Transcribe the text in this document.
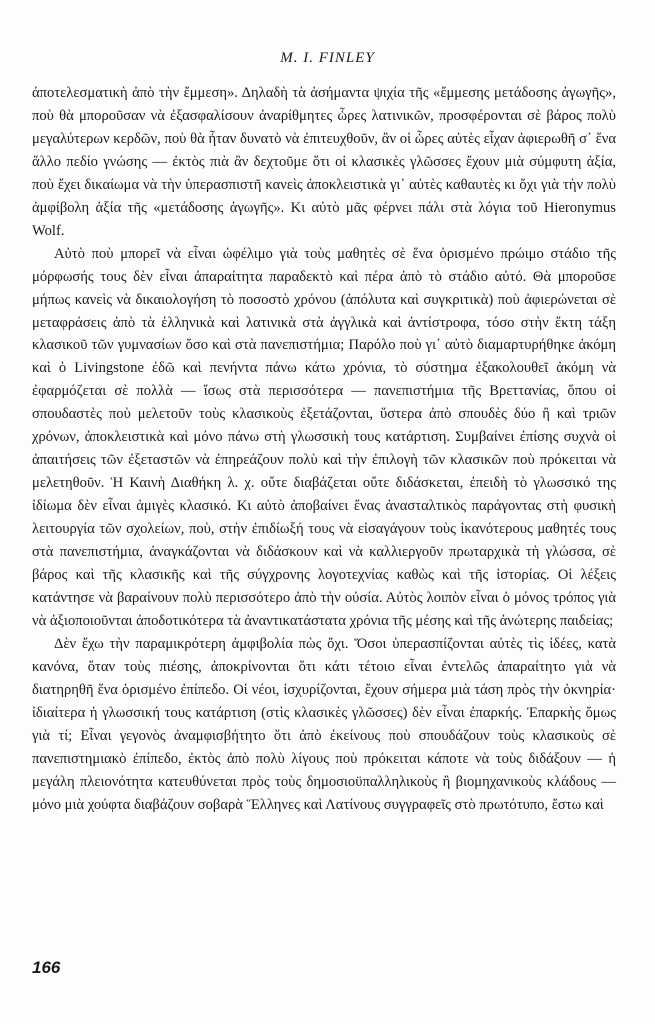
M. I. FINLEY

ἀποτελεσματικὴ ἀπὸ τὴν ἔμμεση». Δηλαδὴ τὰ ἀσήμαντα ψιχία τῆς «ἔμμεσης μετάδοσης ἀγωγῆς», ποὺ θὰ μποροῦσαν νὰ ἐξασφαλίσουν ἀναρίθμητες ὧρες λατινικῶν, προσφέρονται σὲ βάρος πολὺ μεγαλύτερων κερδῶν, ποὺ θὰ ἦταν δυνατὸ νὰ ἐπιτευχθοῦν, ἂν οἱ ὧρες αὐτὲς εἶχαν ἀφιερωθῆ σ᾽ ἕνα ἄλλο πεδίο γνώσης — ἐκτὸς πιὰ ἂν δεχτοῦμε ὅτι οἱ κλασικὲς γλῶσσες ἔχουν μιὰ σύμφυτη ἀξία, ποὺ ἔχει δικαίωμα νὰ τὴν ὑπερασπιστῆ κανεὶς ἀποκλειστικὰ γι᾽ αὐτὲς καθαυτὲς κι ὄχι γιὰ τὴν πολὺ ἀμφίβολη ἀξία τῆς «μετάδοσης ἀγωγῆς». Κι αὐτὸ μᾶς φέρνει πάλι στὰ λόγια τοῦ Hieronymus Wolf.

Αὐτὸ ποὺ μπορεῖ νὰ εἶναι ὠφέλιμο γιὰ τοὺς μαθητὲς σὲ ἕνα ὁρισμένο πρώιμο στάδιο τῆς μόρφωσής τους δὲν εἶναι ἀπαραίτητα παραδεκτὸ καὶ πέρα ἀπὸ τὸ στάδιο αὐτό. Θὰ μποροῦσε μήπως κανεὶς νὰ δικαιολογήση τὸ ποσοστὸ χρόνου (ἀπόλυτα καὶ συγκριτικὰ) ποὺ ἀφιερώνεται σὲ μεταφράσεις ἀπὸ τὰ ἑλληνικὰ καὶ λατινικὰ στὰ ἀγγλικὰ καὶ ἀντίστροφα, τόσο στὴν ἕκτη τάξη κλασικοῦ τῶν γυμνασίων ὅσο καὶ στὰ πανεπιστήμια; Παρόλο ποὺ γι᾽ αὐτὸ διαμαρτυρήθηκε ἀκόμη καὶ ὁ Livingstone ἐδῶ καὶ πενήντα πάνω κάτω χρόνια, τὸ σύστημα ἐξακολουθεῖ ἀκόμη νὰ ἐφαρμόζεται σὲ πολλὰ — ἴσως στὰ περισσότερα — πανεπιστήμια τῆς Βρεττανίας, ὅπου οἱ σπουδαστὲς ποὺ μελετοῦν τοὺς κλασικοὺς ἐξετάζονται, ὕστερα ἀπὸ σπουδὲς δύο ἢ καὶ τριῶν χρόνων, ἀποκλειστικὰ καὶ μόνο πάνω στὴ γλωσσικὴ τους κατάρτιση. Συμβαίνει ἐπίσης συχνὰ οἱ ἀπαιτήσεις τῶν ἐξεταστῶν νὰ ἐπηρεάζουν πολὺ καὶ τὴν ἐπιλογὴ τῶν κλασικῶν ποὺ πρόκειται νὰ μελετηθοῦν. Ἡ Καινὴ Διαθήκη λ. χ. οὔτε διαβάζεται οὔτε διδάσκεται, ἐπειδὴ τὸ γλωσσικό της ἰδίωμα δὲν εἶναι ἀμιγὲς κλασικό. Κι αὐτὸ ἀποβαίνει ἕνας ἀνασταλτικὸς παράγοντας στὴ φυσικὴ λειτουργία τῶν σχολείων, ποὺ, στὴν ἐπιδίωξή τους νὰ εἰσαγάγουν τοὺς ἱκανότερους μαθητές τους στὰ πανεπιστήμια, ἀναγκάζονται νὰ διδάσκουν καὶ νὰ καλλιεργοῦν πρωταρχικὰ τὴ γλώσσα, σὲ βάρος καὶ τῆς κλασικῆς καὶ τῆς σύγχρονης λογοτεχνίας καθὼς καὶ τῆς ἱστορίας. Οἱ λέξεις κατάντησε νὰ βαραίνουν πολὺ περισσότερο ἀπὸ τὴν οὐσία. Αὐτὸς λοιπὸν εἶναι ὁ μόνος τρόπος γιὰ νὰ ἀξιοποιοῦνται ἀποδοτικότερα τὰ ἀναντικατάστατα χρόνια τῆς μέσης καὶ τῆς ἀνώτερης παιδείας;

Δὲν ἔχω τὴν παραμικρότερη ἀμφιβολία πὼς ὄχι. Ὅσοι ὑπερασπίζονται αὐτὲς τὶς ἰδέες, κατὰ κανόνα, ὅταν τοὺς πιέσης, ἀποκρίνονται ὅτι κάτι τέτοιο εἶναι ἐντελῶς ἀπαραίτητο γιὰ νὰ διατηρηθῆ ἕνα ὁρισμένο ἐπίπεδο. Οἱ νέοι, ἰσχυρίζονται, ἔχουν σήμερα μιὰ τάση πρὸς τὴν ὀκνηρία· ἰδιαίτερα ἡ γλωσσική τους κατάρτιση (στὶς κλασικὲς γλῶσσες) δὲν εἶναι ἐπαρκής. Ἐπαρκὴς ὅμως γιὰ τί; Εἶναι γεγονὸς ἀναμφισβήτητο ὅτι ἀπὸ ἐκείνους ποὺ σπουδάζουν τοὺς κλασικοὺς σὲ πανεπιστημιακὸ ἐπίπεδο, ἐκτὸς ἀπὸ πολὺ λίγους ποὺ πρόκειται κάποτε νὰ τοὺς διδάξουν — ἡ μεγάλη πλειονότητα κατευθύνεται πρὸς τοὺς δημοσιοϋπαλληλικοὺς ἢ βιομηχανικοὺς κλάδους — μόνο μιὰ χούφτα διαβάζουν σοβαρὰ Ἕλληνες καὶ Λατίνους συγγραφεῖς στὸ πρωτότυπο, ἔστω καὶ

166
